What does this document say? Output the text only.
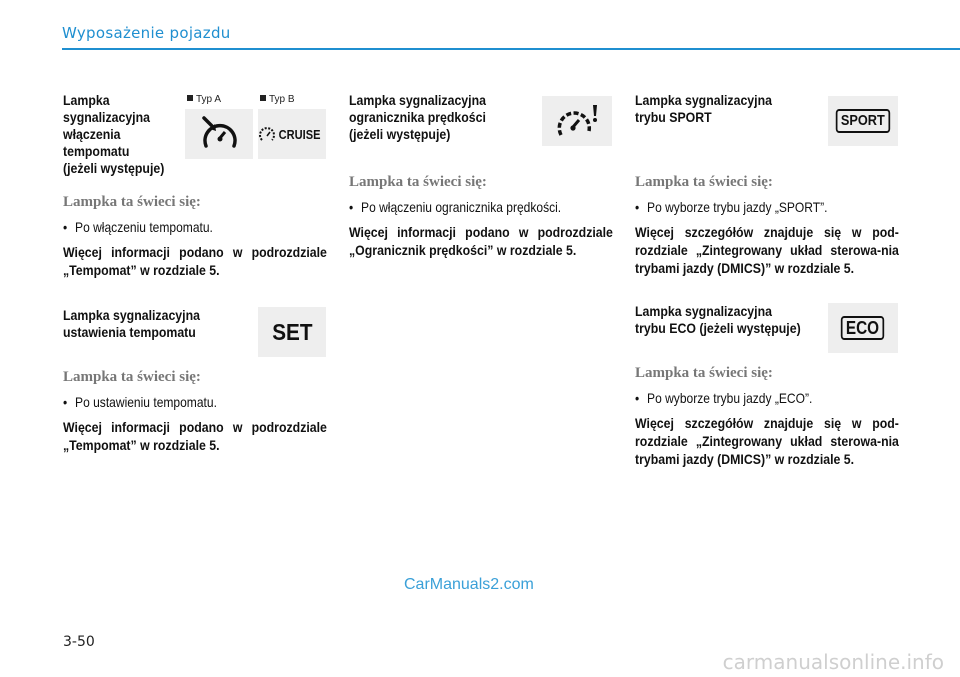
Wyposażenie pojazdu

Lampka
sygnalizacyjna
włączenia
tempomatu
(jeżeli występuje)

Typ A	Typ B
CRUISE

Lampka ta świeci się:

• Po włączeniu tempomatu.

Więcej informacji podano w podrozdziale „Tempomat” w rozdziale 5.

Lampka sygnalizacyjna
ustawienia tempomatu	SET

Lampka ta świeci się:

• Po ustawieniu tempomatu.

Więcej informacji podano w podrozdziale „Tempomat” w rozdziale 5.

Lampka sygnalizacyjna
ogranicznika prędkości
(jeżeli występuje)

Lampka ta świeci się:

• Po włączeniu ogranicznika prędkości.

Więcej informacji podano w podrozdziale „Ogranicznik prędkości” w rozdziale 5.

Lampka sygnalizacyjna
trybu SPORT	SPORT

Lampka ta świeci się:

• Po wyborze trybu jazdy „SPORT”.

Więcej szczegółów znajduje się w pod-rozdziale „Zintegrowany układ sterowa-nia trybami jazdy (DMICS)” w rozdziale 5.

Lampka sygnalizacyjna
trybu ECO (jeżeli występuje)	ECO

Lampka ta świeci się:

• Po wyborze trybu jazdy „ECO”.

Więcej szczegółów znajduje się w pod-rozdziale „Zintegrowany układ sterowa-nia trybami jazdy (DMICS)” w rozdziale 5.

CarManuals2.com
3-50
carmanualsonline.info
